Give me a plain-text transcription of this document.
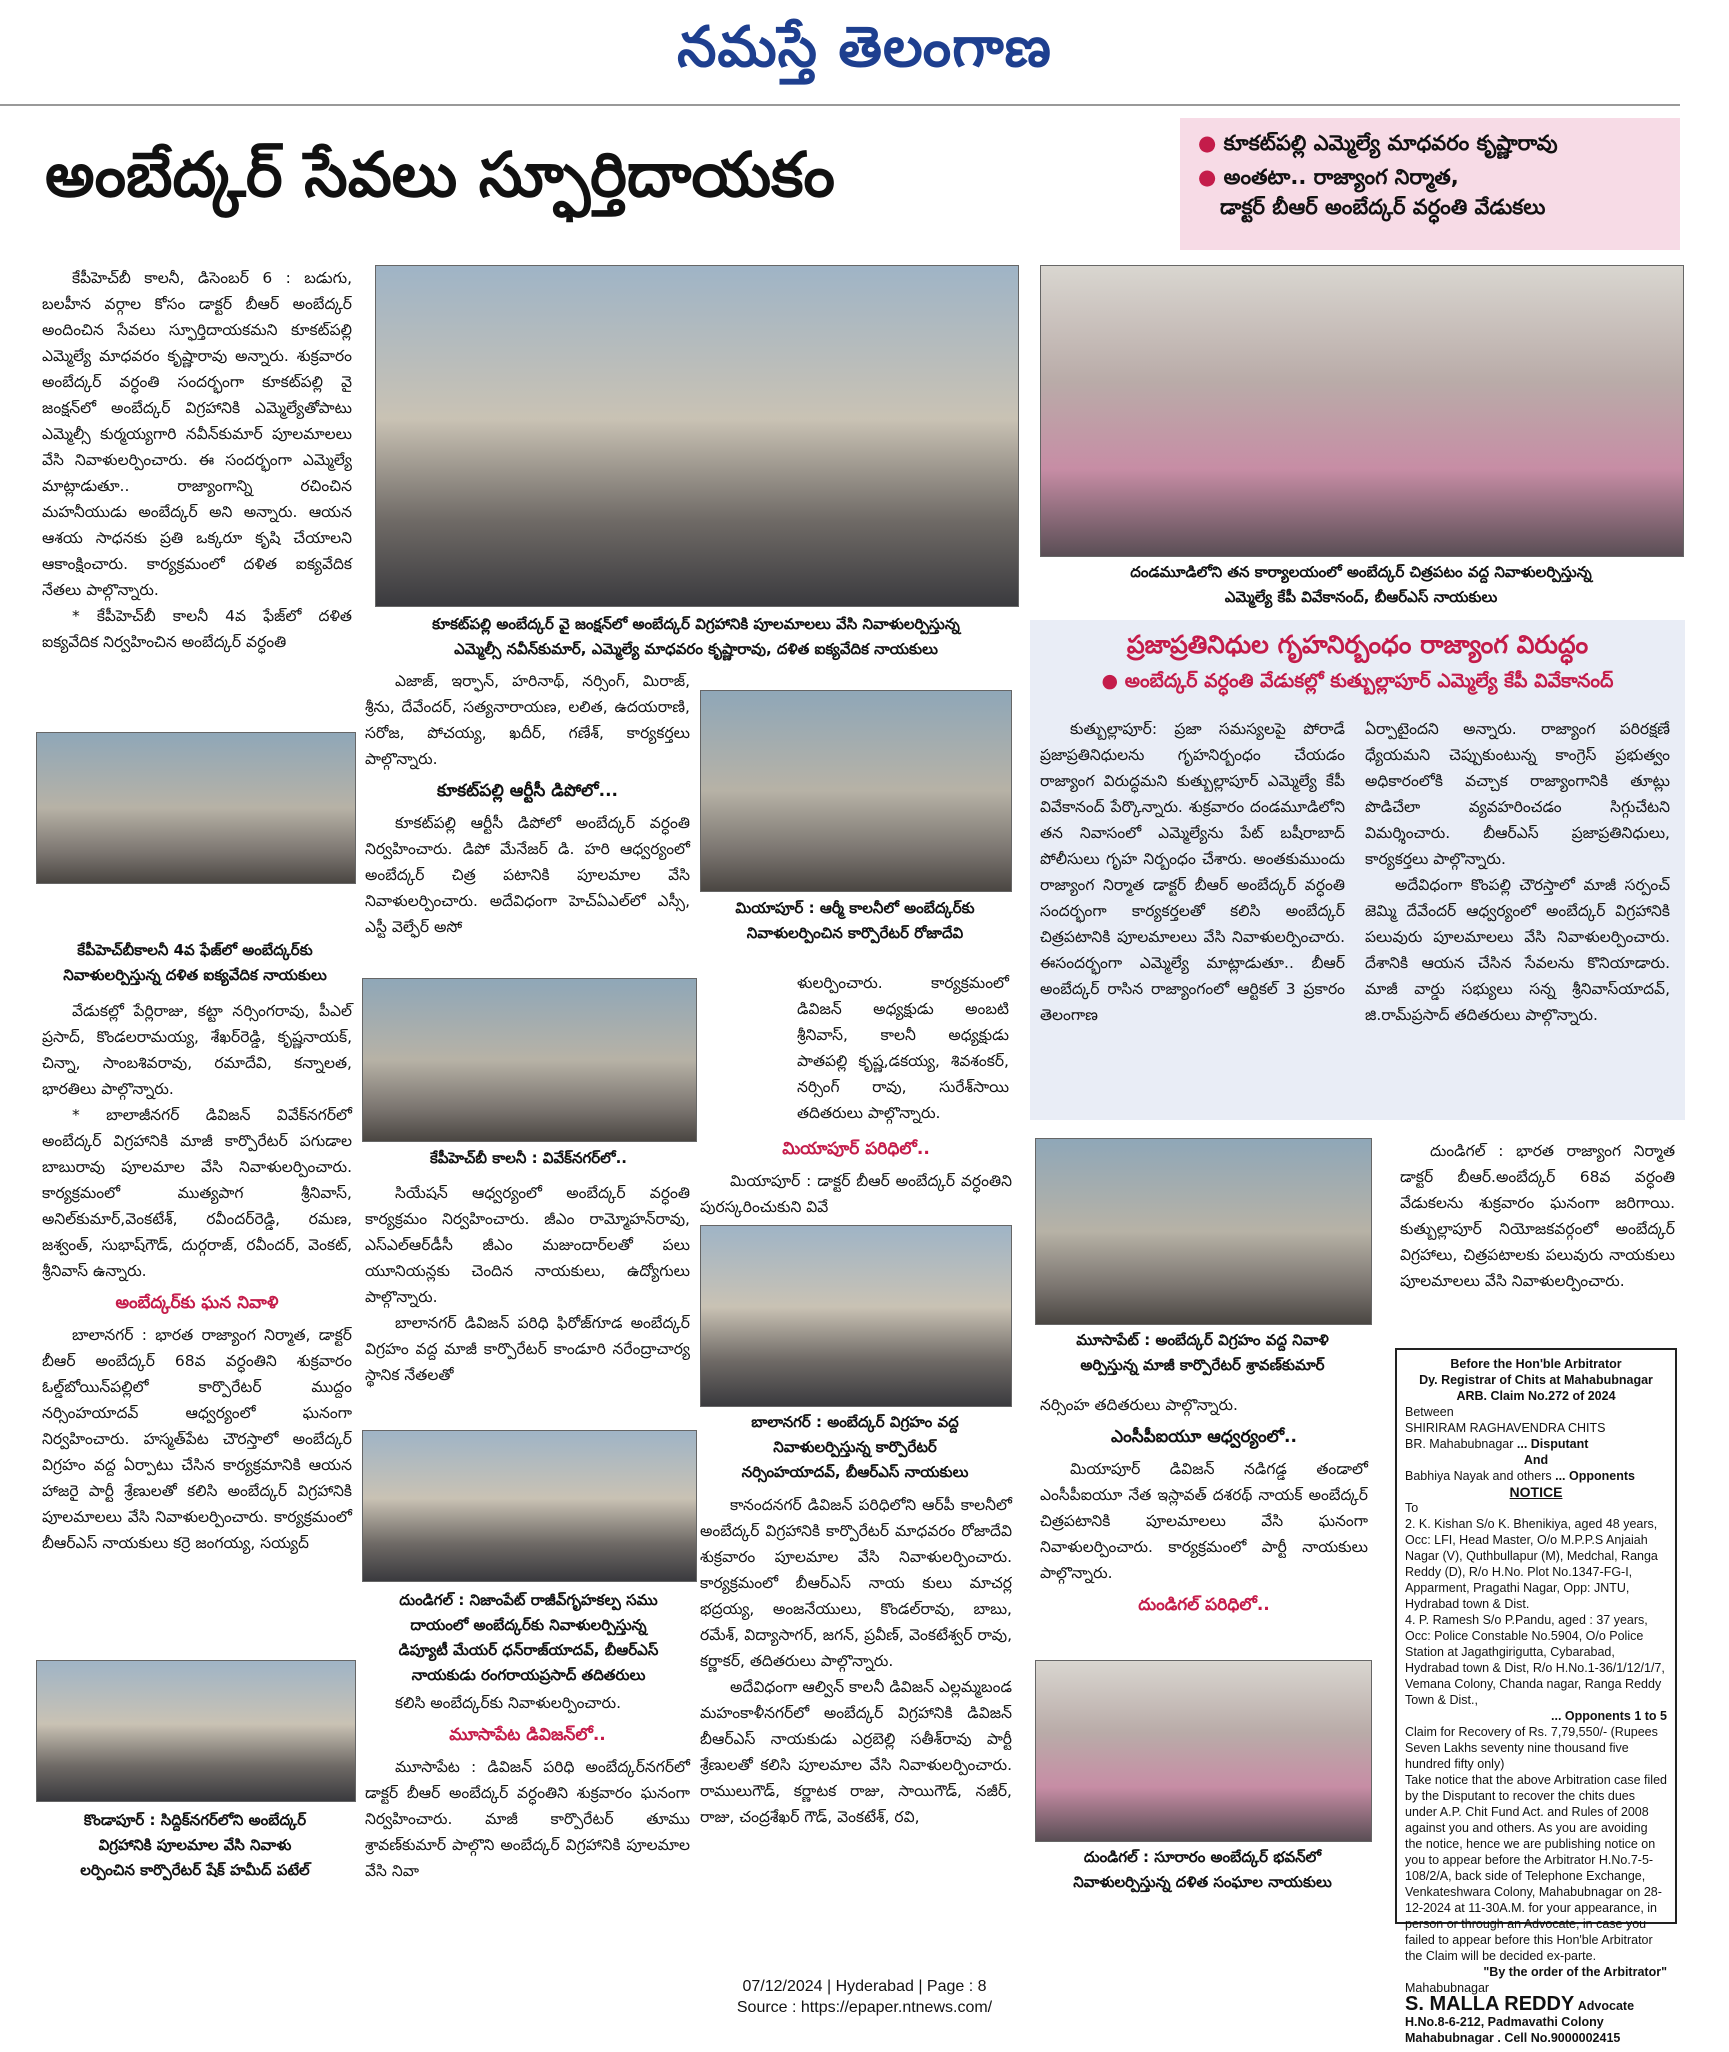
నమస్తే తెలంగాణ
అంబేద్కర్ సేవలు స్ఫూర్తిదాయకం	● కూకట్‌పల్లి ఎమ్మెల్యే మాధవరం కృష్ణారావు

● అంతటా.. రాజ్యాంగ నిర్మాత,

డాక్టర్ బీఆర్ అంబేద్కర్ వర్ధంతి వేడుకలు

కేపీహెచ్‌బీ కాలనీ, డిసెంబర్ 6 : బడుగు, బలహీన వర్గాల కోసం డాక్టర్ బీఆర్ అంబేద్కర్ అందించిన సేవలు స్ఫూర్తిదాయకమని కూకట్‌పల్లి ఎమ్మెల్యే మాధవరం కృష్ణారావు అన్నారు. శుక్రవారం అంబేద్కర్ వర్ధంతి సందర్భంగా కూకట్‌పల్లి వై జంక్షన్‌లో అంబేద్కర్ విగ్రహానికి ఎమ్మెల్యేతోపాటు ఎమ్మెల్సీ కుర్మయ్యగారి నవీన్‌కుమార్ పూలమాలలు వేసి నివాళులర్పించారు. ఈ సందర్భంగా ఎమ్మెల్యే మాట్లాడుతూ.. రాజ్యాంగాన్ని రచించిన మహనీయుడు అంబేద్కర్ అని అన్నారు. ఆయన ఆశయ సాధనకు ప్రతి ఒక్కరూ కృషి చేయాలని ఆకాంక్షించారు. కార్యక్రమంలో దళిత ఐక్యవేదిక నేతలు పాల్గొన్నారు.

* కేపీహెచ్‌బీ కాలనీ 4వ ఫేజ్‌లో దళిత ఐక్యవేదిక నిర్వహించిన అంబేద్కర్ వర్ధంతి

కేపీహెచ్‌బీకాలనీ 4వ ఫేజ్‌లో అంబేద్కర్‌కు
నివాళులర్పిస్తున్న దళిత ఐక్యవేదిక నాయకులు

వేడుకల్లో పేర్లిరాజు, కట్టా నర్సింగరావు, పీఎల్ ప్రసాద్, కొండలరామయ్య, శేఖర్‌రెడ్డి, కృష్ణనాయక్, చిన్నా, సాంబశివరావు, రమాదేవి, కన్నాలత, భారతిలు పాల్గొన్నారు.

* బాలాజీనగర్ డివిజన్ వివేక్‌నగర్‌లో అంబేద్కర్ విగ్రహానికి మాజీ కార్పొరేటర్ పగుడాల బాబురావు పూలమాల వేసి నివాళులర్పించారు. కార్యక్రమంలో ముత్యపాగ శ్రీనివాస్, అనిల్‌కుమార్,వెంకటేశ్, రవీందర్‌రెడ్డి, రమణ, జశ్వంత్, సుభాష్‌గౌడ్, దుర్గరాజ్, రవీందర్, వెంకట్, శ్రీనివాస్ ఉన్నారు.

అంబేద్కర్‌కు ఘన నివాళి

బాలానగర్ : భారత రాజ్యాంగ నిర్మాత, డాక్టర్ బీఆర్ అంబేద్కర్ 68వ వర్ధంతిని శుక్రవారం ఓల్డ్‌బోయిన్‌పల్లిలో కార్పొరేటర్ ముద్దం నర్సింహయాదవ్ ఆధ్వర్యంలో ఘనంగా నిర్వహించారు. హస్మత్‌పేట చౌరస్తాలో అంబేద్కర్ విగ్రహం వద్ద ఏర్పాటు చేసిన కార్యక్రమానికి ఆయన హాజరై పార్టీ శ్రేణులతో కలిసి అంబేద్కర్ విగ్రహానికి పూలమాలలు వేసి నివాళులర్పించారు. కార్యక్రమంలో బీఆర్ఎస్ నాయకులు కర్రె జంగయ్య, సయ్యద్

కొండాపూర్ : సిద్దిక్‌నగర్‌లోని అంబేద్కర్
విగ్రహానికి పూలమాల వేసి నివాళు
లర్పించిన కార్పొరేటర్ షేక్ హమీద్ పటేల్
కూకట్‌పల్లి అంబేద్కర్ వై జంక్షన్‌లో అంబేద్కర్ విగ్రహానికి పూలమాలలు వేసి నివాళులర్పిస్తున్న
ఎమ్మెల్సీ నవీన్‌కుమార్, ఎమ్మెల్యే మాధవరం కృష్ణారావు, దళిత ఐక్యవేదిక నాయకులు

ఎజాజ్, ఇర్ఫాన్, హరినాథ్, నర్సింగ్, మిరాజ్, శ్రీను, దేవేందర్, సత్యనారాయణ, లలిత, ఉదయరాణి, సరోజ, పోచయ్య, ఖదీర్, గణేశ్, కార్యకర్తలు పాల్గొన్నారు.

కూకట్‌పల్లి ఆర్టీసీ డిపోలో...

కూకట్‌పల్లి ఆర్టీసీ డిపోలో అంబేద్కర్ వర్ధంతి నిర్వహించారు. డిపో మేనేజర్ డి. హరి ఆధ్వర్యంలో అంబేద్కర్ చిత్ర పటానికి పూలమాల వేసి నివాళులర్పించారు. అదేవిధంగా హెచ్ఏఎల్‌లో ఎస్సీ, ఎస్టీ వెల్ఫేర్ అసో

కేపీహెచ్‌బీ కాలనీ : వివేక్‌నగర్‌లో..

సియేషన్ ఆధ్వర్యంలో అంబేద్కర్ వర్ధంతి కార్యక్రమం నిర్వహించారు. జీఎం రామ్మోహన్‌రావు, ఎస్ఎల్ఆర్‌డీసీ జీఎం మజుందార్‌లతో పలు యూనియన్లకు చెందిన నాయకులు, ఉద్యోగులు పాల్గొన్నారు.

బాలానగర్ డివిజన్ పరిధి ఫిరోజ్‌గూడ అంబేద్కర్ విగ్రహం వద్ద మాజీ కార్పొరేటర్ కాండూరి నరేంద్రాచార్య స్థానిక నేతలతో

దుండిగల్ : నిజాంపేట్ రాజీవ్‌గృహకల్ప సము
దాయంలో అంబేద్కర్‌కు నివాళులర్పిస్తున్న
డిప్యూటీ మేయర్ ధన్‌రాజ్‌యాదవ్, బీఆర్ఎస్
నాయకుడు రంగరాయప్రసాద్ తదితరులు

కలిసి అంబేద్కర్‌కు నివాళులర్పించారు.

మూసాపేట డివిజన్‌లో..

మూసాపేట : డివిజన్ పరిధి అంబేద్కర్‌నగర్‌లో డాక్టర్ బీఆర్ అంబేద్కర్ వర్ధంతిని శుక్రవారం ఘనంగా నిర్వహించారు. మాజీ కార్పొరేటర్ తూము శ్రావణ్‌కుమార్ పాల్గొని అంబేద్కర్ విగ్రహానికి పూలమాల వేసి నివా

మియాపూర్ : ఆర్మీ కాలనీలో అంబేద్కర్‌కు
నివాళులర్పించిన కార్పొరేటర్ రోజాదేవి

ళులర్పించారు. కార్యక్రమంలో డివిజన్ అధ్యక్షుడు అంబటి శ్రీనివాస్, కాలనీ అధ్యక్షుడు పాతపల్లి కృష్ణ,డకయ్య, శివశంకర్, నర్సింగ్ రావు, సురేశ్‌సాయి తదితరులు పాల్గొన్నారు.

మియాపూర్ పరిధిలో..

మియాపూర్ : డాక్టర్ బీఆర్ అంబేద్కర్ వర్ధంతిని పురస్కరించుకుని వివే

బాలానగర్ : అంబేద్కర్ విగ్రహం వద్ద
నివాళులర్పిస్తున్న కార్పొరేటర్
నర్సింహయాదవ్, బీఆర్ఎస్ నాయకులు

కానందనగర్ డివిజన్ పరిధిలోని ఆర్‌పీ కాలనీలో అంబేద్కర్ విగ్రహానికి కార్పొరేటర్ మాధవరం రోజాదేవి శుక్రవారం పూలమాల వేసి నివాళులర్పించారు. కార్యక్రమంలో బీఆర్ఎస్ నాయ కులు మాచర్ల భద్రయ్య, అంజనేయులు, కొండల్‌రావు, బాబు, రమేశ్, విద్యాసాగర్, జగన్, ప్రవీణ్, వెంకటేశ్వర్ రావు, కర్ణాకర్, తదితరులు పాల్గొన్నారు.

అదేవిధంగా ఆల్విన్ కాలనీ డివిజన్ ఎల్లమ్మబండ మహంకాళీనగర్‌లో అంబేద్కర్ విగ్రహానికి డివిజన్ బీఆర్ఎస్ నాయకుడు ఎర్రబెల్లి సతీశ్‌రావు పార్టీ శ్రేణులతో కలిసి పూలమాల వేసి నివాళులర్పించారు. రాములుగౌడ్, కర్ణాటక రాజు, సాయిగౌడ్, నజీర్, రాజు, చంద్రశేఖర్ గౌడ్, వెంకటేశ్, రవి,

దండమూడిలోని తన కార్యాలయంలో అంబేద్కర్ చిత్రపటం వద్ద నివాళులర్పిస్తున్న
ఎమ్మెల్యే కేపీ వివేకానంద్, బీఆర్ఎస్ నాయకులు
ప్రజాప్రతినిధుల గృహనిర్బంధం రాజ్యాంగ విరుద్ధం
● అంబేద్కర్ వర్ధంతి వేడుకల్లో కుత్బుల్లాపూర్ ఎమ్మెల్యే కేపీ వివేకానంద్

కుత్బుల్లాపూర్: ప్రజా సమస్యలపై పోరాడే ప్రజాప్రతినిధులను గృహనిర్బంధం చేయడం రాజ్యాంగ విరుద్ధమని కుత్బుల్లాపూర్ ఎమ్మెల్యే కేపీ వివేకానంద్ పేర్కొన్నారు. శుక్రవారం దండమూడిలోని తన నివాసంలో ఎమ్మెల్యేను పేట్ బషీరాబాద్ పోలీసులు గృహ నిర్బంధం చేశారు. అంతకుముందు రాజ్యాంగ నిర్మాత డాక్టర్ బీఆర్ అంబేద్కర్ వర్ధంతి సందర్భంగా కార్యకర్తలతో కలిసి అంబేద్కర్ చిత్రపటానికి పూలమాలలు వేసి నివాళులర్పించారు. ఈసందర్భంగా ఎమ్మెల్యే మాట్లాడుతూ.. బీఆర్ అంబేద్కర్ రాసిన రాజ్యాంగంలో ఆర్టికల్ 3 ప్రకారం తెలంగాణ

ఏర్పాటైందని అన్నారు. రాజ్యాంగ పరిరక్షణే ధ్యేయమని చెప్పుకుంటున్న కాంగ్రెస్ ప్రభుత్వం అధికారంలోకి వచ్చాక రాజ్యాంగానికి తూట్లు పొడిచేలా వ్యవహరించడం సిగ్గుచేటని విమర్శించారు. బీఆర్ఎస్ ప్రజాప్రతినిధులు, కార్యకర్తలు పాల్గొన్నారు.

అదేవిధంగా కొంపల్లి చౌరస్తాలో మాజీ సర్పంచ్ జెమ్మి దేవేందర్ ఆధ్వర్యంలో అంబేద్కర్ విగ్రహానికి పలువురు పూలమాలలు వేసి నివాళులర్పించారు. దేశానికి ఆయన చేసిన సేవలను కొనియాడారు. మాజీ వార్డు సభ్యులు సన్న శ్రీనివాస్‌యాదవ్, జి.రామ్‌ప్రసాద్ తదితరులు పాల్గొన్నారు.

మూసాపేట్ : అంబేద్కర్ విగ్రహం వద్ద నివాళి
అర్పిస్తున్న మాజీ కార్పొరేటర్ శ్రావణ్‌కుమార్

నర్సింహ తదితరులు పాల్గొన్నారు.

ఎంసీపీఐయూ ఆధ్వర్యంలో..

మియాపూర్ డివిజన్ నడిగడ్డ తండాలో ఎంసీపీఐయూ నేత ఇస్లావత్ దశరథ్ నాయక్ అంబేద్కర్ చిత్రపటానికి పూలమాలలు వేసి ఘనంగా నివాళులర్పించారు. కార్యక్రమంలో పార్టీ నాయకులు పాల్గొన్నారు.

దుండిగల్ పరిధిలో..
దుండిగల్ : సూరారం అంబేద్కర్ భవన్‌లో
నివాళులర్పిస్తున్న దళిత సంఘాల నాయకులు

దుండిగల్ : భారత రాజ్యాంగ నిర్మాత డాక్టర్ బీఆర్.అంబేద్కర్ 68వ వర్ధంతి వేడుకలను శుక్రవారం ఘనంగా జరిగాయి. కుత్బుల్లాపూర్ నియోజకవర్గంలో అంబేద్కర్ విగ్రహాలు, చిత్రపటాలకు పలువురు నాయకులు పూలమాలలు వేసి నివాళులర్పించారు.

Before the Hon'ble Arbitrator
Dy. Registrar of Chits at Mahabubnagar
ARB. Claim No.272 of 2024
Between
SHIRIRAM RAGHAVENDRA CHITS
BR. Mahabubnagar ... Disputant
And
Babhiya Nayak and others ... Opponents
NOTICE
To
2. K. Kishan S/o K. Bhenikiya, aged 48 years, Occ: LFI, Head Master, O/o M.P.P.S Anjaiah Nagar (V), Quthbullapur (M), Medchal, Ranga Reddy (D), R/o H.No. Plot No.1347-FG-I, Apparment, Pragathi Nagar, Opp: JNTU, Hydrabad town & Dist.
4. P. Ramesh S/o P.Pandu, aged : 37 years, Occ: Police Constable No.5904, O/o Police Station at Jagathgirigutta, Cybarabad, Hydrabad town & Dist, R/o H.No.1-36/1/12/1/7, Vemana Colony, Chanda nagar, Ranga Reddy Town & Dist.,
... Opponents 1 to 5
Claim for Recovery of Rs. 7,79,550/- (Rupees Seven Lakhs seventy nine thousand five hundred fifty only)
Take notice that the above Arbitration case filed by the Disputant to recover the chits dues under A.P. Chit Fund Act. and Rules of 2008 against you and others. As you are avoiding the notice, hence we are publishing notice on you to appear before the Arbitrator H.No.7-5-108/2/A, back side of Telephone Exchange, Venkateshwara Colony, Mahabubnagar on 28-12-2024 at 11-30A.M. for your appearance, in person or through an Advocate, in case you failed to appear before this Hon'ble Arbitrator the Claim will be decided ex-parte.
"By the order of the Arbitrator"
Mahabubnagar
S. MALLA REDDY Advocate
H.No.8-6-212, Padmavathi Colony
Mahabubnagar . Cell No.9000002415
07/12/2024 | Hyderabad | Page : 8
Source : https://epaper.ntnews.com/
